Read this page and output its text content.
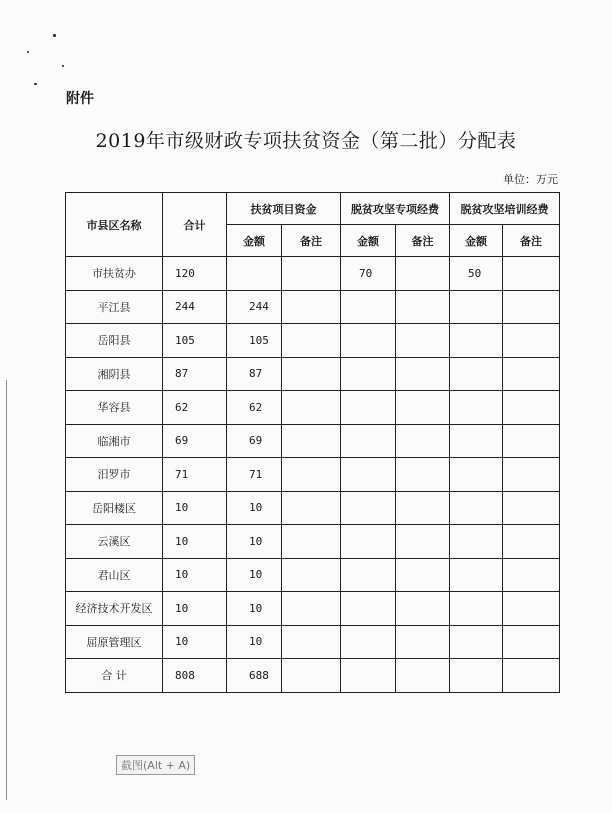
附件
2019年市级财政专项扶贫资金（第二批）分配表
单位：万元
市县区名称	合计	扶贫项目资金		脱贫攻坚专项经费		脱贫攻坚培训经费	
		金额	备注	金额	备注	金额	备注
市扶贫办	120			70		50	
平江县	244	244					
岳阳县	105	105					
湘阴县	87	87					
华容县	62	62					
临湘市	69	69					
汨罗市	71	71					
岳阳楼区	10	10					
云溪区	10	10					
君山区	10	10					
经济技术开发区	10	10					
屈原管理区	10	10					
合 计	808	688					
截图(Alt + A)
